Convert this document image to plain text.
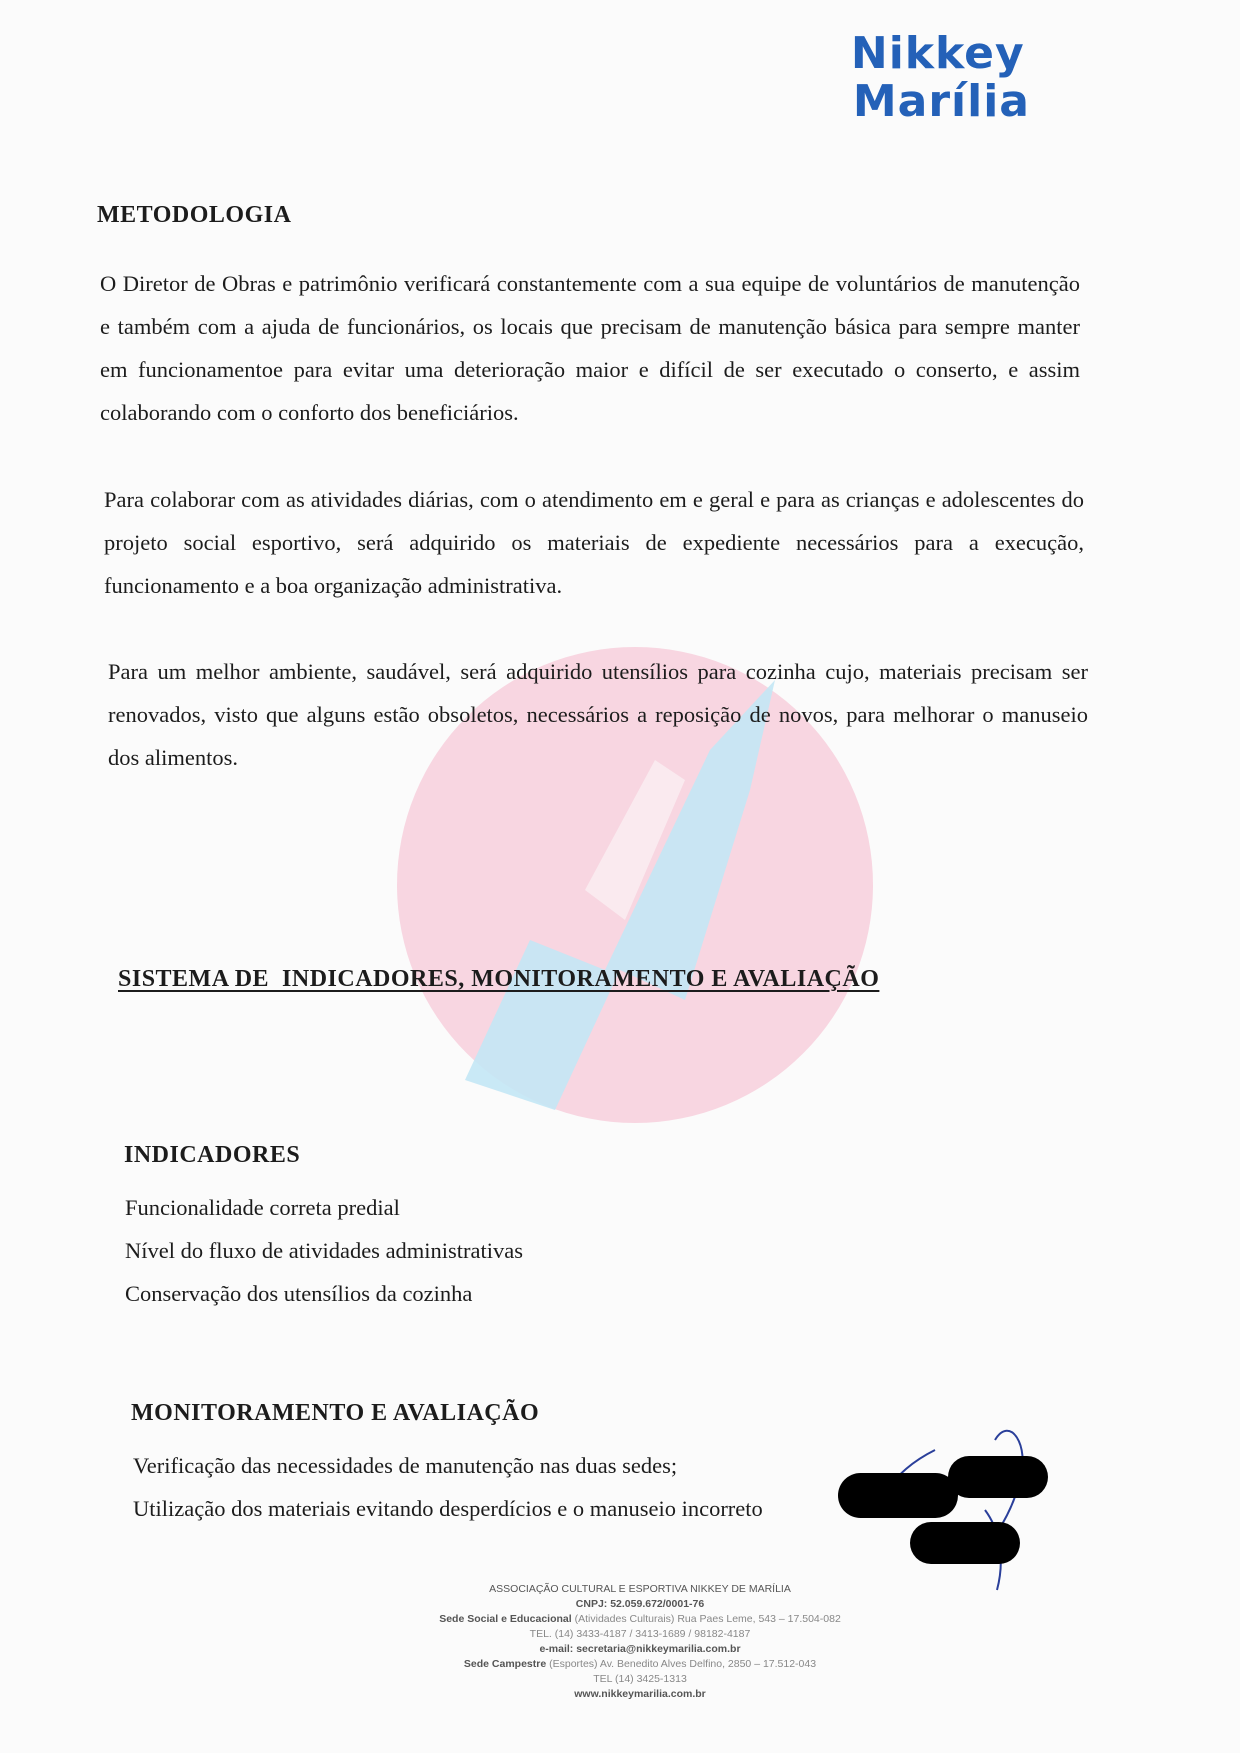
Nikkey
Marília
METODOLOGIA
O Diretor de Obras e patrimônio verificará constantemente com a sua equipe de voluntários de manutenção e também com a ajuda de funcionários, os locais que precisam de manutenção básica para sempre manter em funcionamentoe para evitar uma deterioração maior e difícil de ser executado o conserto, e assim colaborando com o conforto dos beneficiários.
Para colaborar com as atividades diárias, com o atendimento em e geral e para as crianças e adolescentes do projeto social esportivo, será adquirido os materiais de expediente necessários para a execução, funcionamento e a boa organização administrativa.
Para um melhor ambiente, saudável, será adquirido utensílios para cozinha cujo, materiais precisam ser renovados, visto que alguns estão obsoletos, necessários a reposição de novos, para melhorar o manuseio dos alimentos.
SISTEMA DE  INDICADORES, MONITORAMENTO E AVALIAÇÃO
INDICADORES
Funcionalidade correta predial
Nível do fluxo de atividades administrativas
Conservação dos utensílios da cozinha
MONITORAMENTO E AVALIAÇÃO
Verificação das necessidades de manutenção nas duas sedes;
Utilização dos materiais evitando desperdícios e o manuseio incorreto
ASSOCIAÇÃO CULTURAL E ESPORTIVA NIKKEY DE MARÍLIA
CNPJ: 52.059.672/0001-76
Sede Social e Educacional (Atividades Culturais) Rua Paes Leme, 543 – 17.504-082
TEL. (14) 3433-4187 / 3413-1689 / 98182-4187
e-mail: secretaria@nikkeymarilia.com.br
Sede Campestre (Esportes) Av. Benedito Alves Delfino, 2850 – 17.512-043
TEL (14) 3425-1313
www.nikkeymarilia.com.br
